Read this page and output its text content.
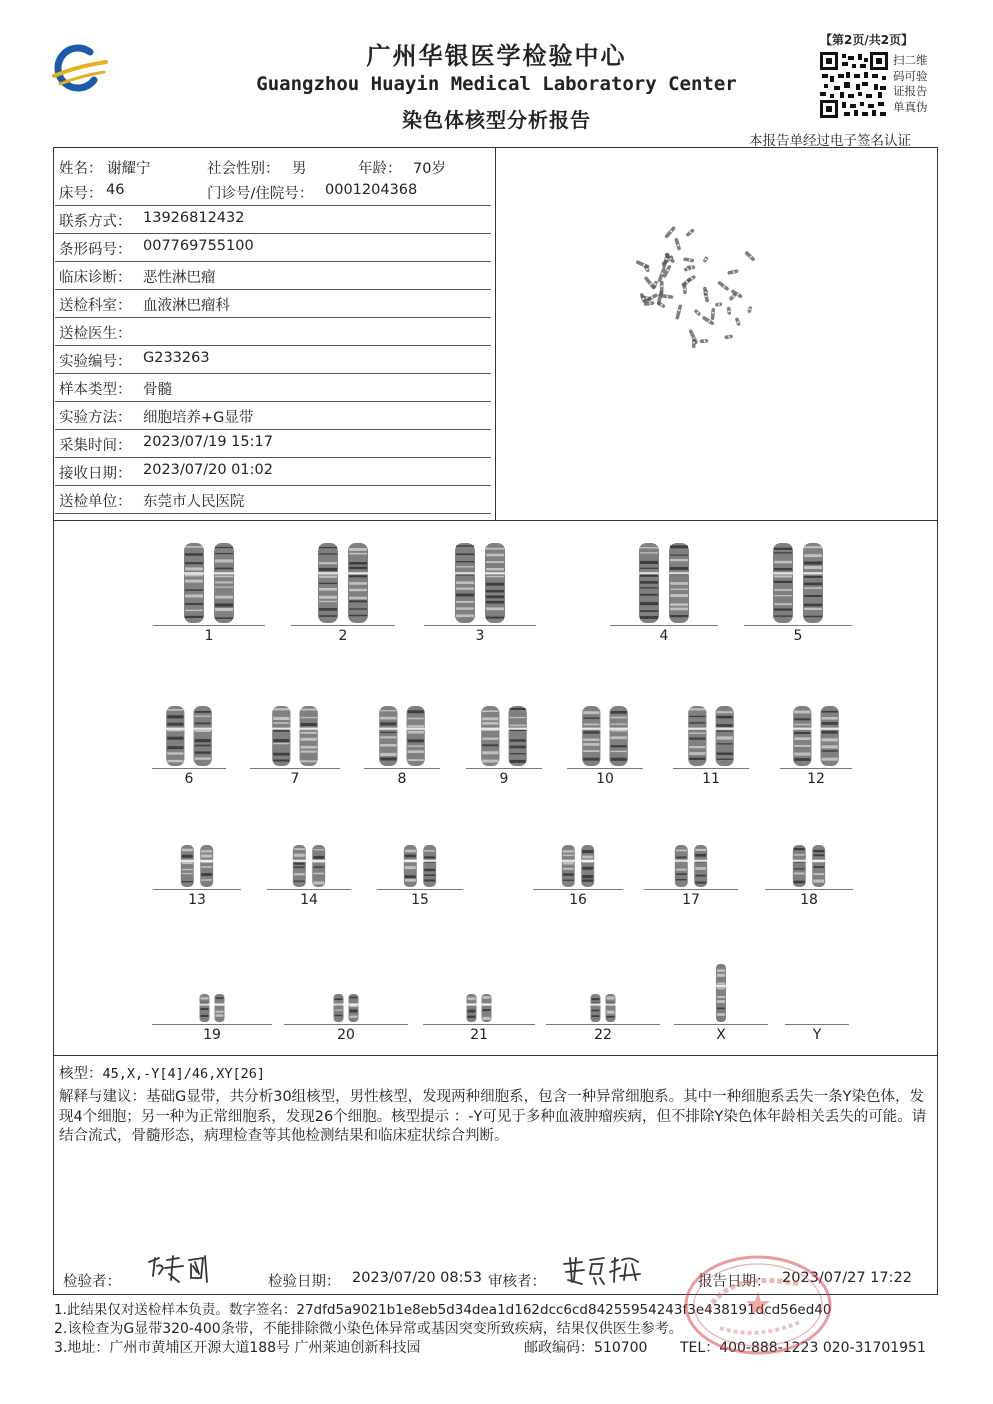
广州华银医学检验中心
Guangzhou Huayin Medical Laboratory Center
染色体核型分析报告
【第2页/共2页】
扫二维
码可验
证报告
单真伪
本报告单经过电子签名认证
姓名： 谢耀宁	社会性别： 男	年龄： 70岁
床号： 46	门诊号/住院号： 0001204368
联系方式： 13926812432
条形码号： 007769755100
临床诊断： 恶性淋巴瘤
送检科室： 血液淋巴瘤科
送检医生：
实验编号： G233263
样本类型： 骨髓
实验方法： 细胞培养+G显带
采集时间： 2023/07/19 15:17
接收日期： 2023/07/20 01:02
送检单位： 东莞市人民医院
1	2	3	4	5
6	7	8	9	10	11	12
13	14	15	16	17	18
19	20	21	22	X	Y
核型：45,X,-Y[4]/46,XY[26]
解释与建议：基础G显带，共分析30组核型，男性核型，发现两种细胞系，包含一种异常细胞系。其中一种细胞系丢失一条Y染色体，发现4个细胞；另一种为正常细胞系，发现26个细胞。核型提示 ：-Y可见于多种血液肿瘤疾病，但不排除Y染色体年龄相关丢失的可能。请结合流式，骨髓形态，病理检查等其他检测结果和临床症状综合判断。
检验者：	检验日期： 2023/07/20 08:53 审核者：	报告日期： 2023/07/27 17:22
1.此结果仅对送检样本负责。数字签名：27dfd5a9021b1e8eb5d34dea1d162dcc6cd84255954243f3e438191dcd56ed40
2.该检查为G显带320-400条带，不能排除微小染色体异常或基因突变所致疾病，结果仅供医生参考。
3.地址：广州市黄埔区开源大道188号 广州莱迪创新科技园	邮政编码：510700 TEL：400-888-1223 020-31701951
